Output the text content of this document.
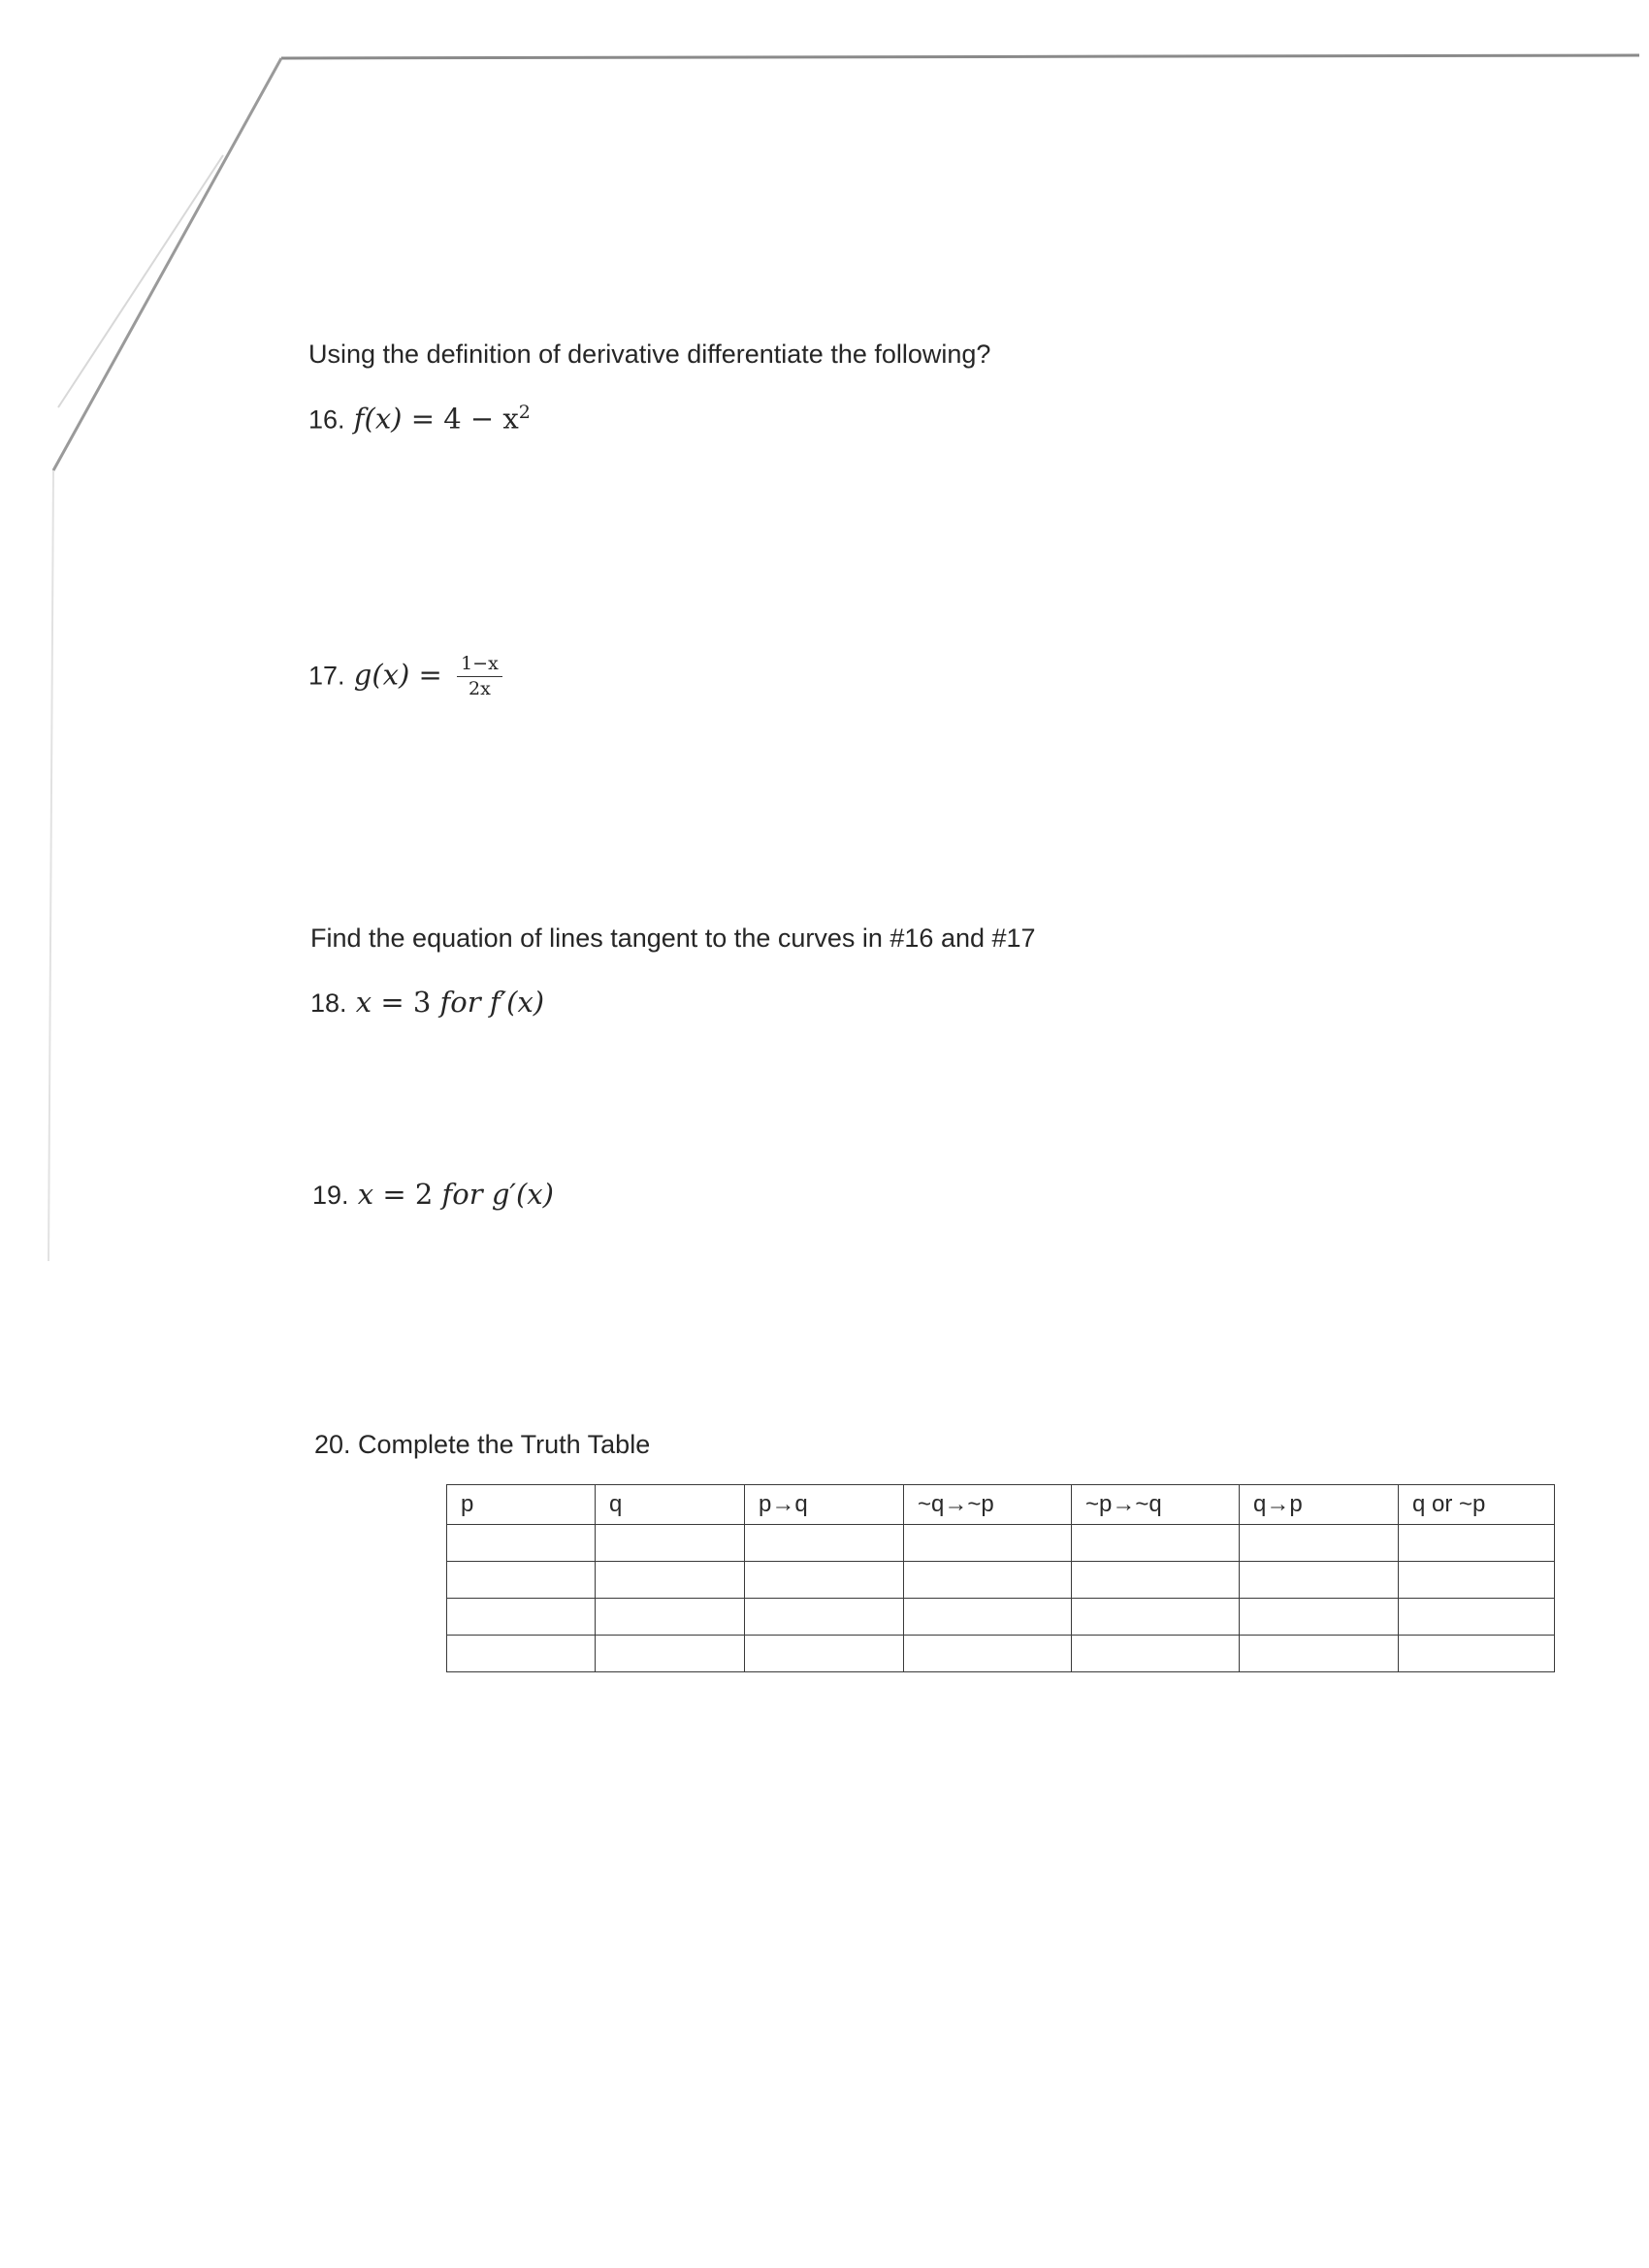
Using the definition of derivative differentiate the following?
16. $f(x) = 4 - x^2$
17. $g(x) = \frac{1-x}{2x}$
Find the equation of lines tangent to the curves in #16 and #17
18. x = 3 for f′(x)
19. x = 2 for g′(x)
20. Complete the Truth Table
p	q	p→q	~q→~p	~p→~q	q→p	q or ~p
